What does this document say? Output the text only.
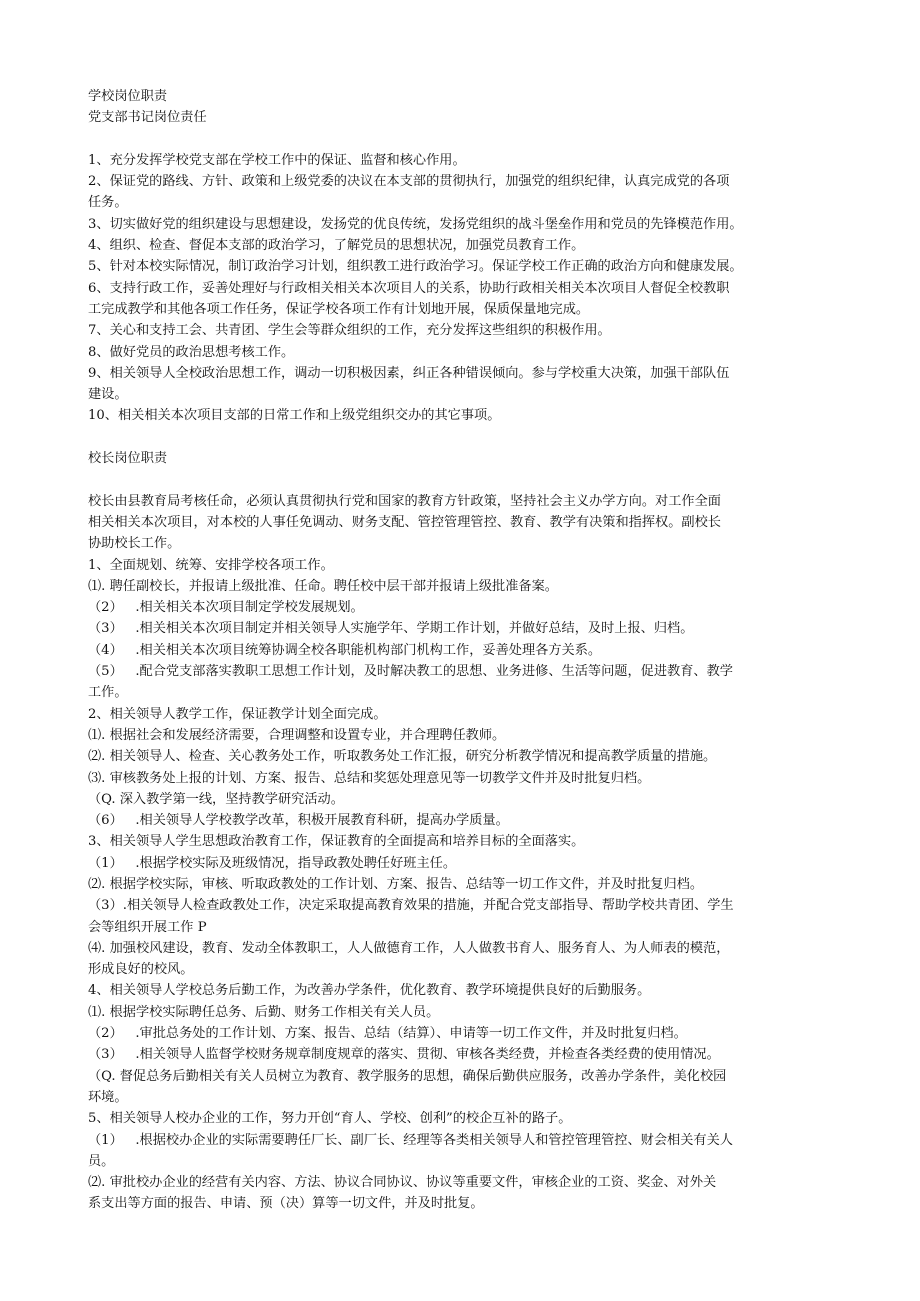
学校岗位职责

党支部书记岗位责任

1、充分发挥学校党支部在学校工作中的保证、监督和核心作用。

2、保证党的路线、方针、政策和上级党委的决议在本支部的贯彻执行，加强党的组织纪律，认真完成党的各项

任务。

3、切实做好党的组织建设与思想建设，发扬党的优良传统，发扬党组织的战斗堡垒作用和党员的先锋模范作用。

4、组织、检查、督促本支部的政治学习，了解党员的思想状况，加强党员教育工作。

5、针对本校实际情况，制订政治学习计划，组织教工进行政治学习。保证学校工作正确的政治方向和健康发展。

6、支持行政工作，妥善处理好与行政相关相关本次项目人的关系，协助行政相关相关本次项目人督促全校教职

工完成教学和其他各项工作任务，保证学校各项工作有计划地开展，保质保量地完成。

7、关心和支持工会、共青团、学生会等群众组织的工作，充分发挥这些组织的积极作用。

8、做好党员的政治思想考核工作。

9、相关领导人全校政治思想工作，调动一切积极因素，纠正各种错误倾向。参与学校重大决策，加强干部队伍

建设。

10、相关相关本次项目支部的日常工作和上级党组织交办的其它事项。

校长岗位职责

校长由县教育局考核任命，必须认真贯彻执行党和国家的教育方针政策，坚持社会主义办学方向。对工作全面

相关相关本次项目，对本校的人事任免调动、财务支配、管控管理管控、教育、教学有决策和指挥权。副校长

协助校长工作。

1、全面规划、统筹、安排学校各项工作。

⑴. 聘任副校长，并报请上级批准、任命。聘任校中层干部并报请上级批准备案。

（2）   .相关相关本次项目制定学校发展规划。

（3）   .相关相关本次项目制定并相关领导人实施学年、学期工作计划，并做好总结，及时上报、归档。

（4）   .相关相关本次项目统筹协调全校各职能机构部门机构工作，妥善处理各方关系。

（5）   .配合党支部落实教职工思想工作计划，及时解决教工的思想、业务进修、生活等问题，促进教育、教学

工作。

2、相关领导人教学工作，保证教学计划全面完成。

⑴. 根据社会和发展经济需要，合理调整和设置专业，并合理聘任教师。

⑵. 相关领导人、检查、关心教务处工作，听取教务处工作汇报，研究分析教学情况和提高教学质量的措施。

⑶. 审核教务处上报的计划、方案、报告、总结和奖惩处理意见等一切教学文件并及时批复归档。

（Q. 深入教学第一线，坚持教学研究活动。

（6）   .相关领导人学校教学改革，积极开展教育科研，提高办学质量。

3、相关领导人学生思想政治教育工作，保证教育的全面提高和培养目标的全面落实。

（1）   .根据学校实际及班级情况，指导政教处聘任好班主任。

⑵. 根据学校实际，审核、听取政教处的工作计划、方案、报告、总结等一切工作文件，并及时批复归档。

（3）.相关领导人检查政教处工作，决定采取提高教育效果的措施，并配合党支部指导、帮助学校共青团、学生

会等组织开展工作 P

⑷. 加强校风建设，教育、发动全体教职工，人人做德育工作，人人做教书育人、服务育人、为人师表的模范，

形成良好的校风。

4、相关领导人学校总务后勤工作，为改善办学条件，优化教育、教学环境提供良好的后勤服务。

⑴. 根据学校实际聘任总务、后勤、财务工作相关有关人员。

（2）   .审批总务处的工作计划、方案、报告、总结（结算）、申请等一切工作文件，并及时批复归档。

（3）   .相关领导人监督学校财务规章制度规章的落实、贯彻、审核各类经费，并检查各类经费的使用情况。

（Q. 督促总务后勤相关有关人员树立为教育、教学服务的思想，确保后勤供应服务，改善办学条件，美化校园

环境。

5、相关领导人校办企业的工作，努力开创“育人、学校、创利”的校企互补的路子。

（1）   .根据校办企业的实际需要聘任厂长、副厂长、经理等各类相关领导人和管控管理管控、财会相关有关人

员。

⑵. 审批校办企业的经营有关内容、方法、协议合同协议、协议等重要文件，审核企业的工资、奖金、对外关

系支出等方面的报告、申请、预（决）算等一切文件，并及时批复。
